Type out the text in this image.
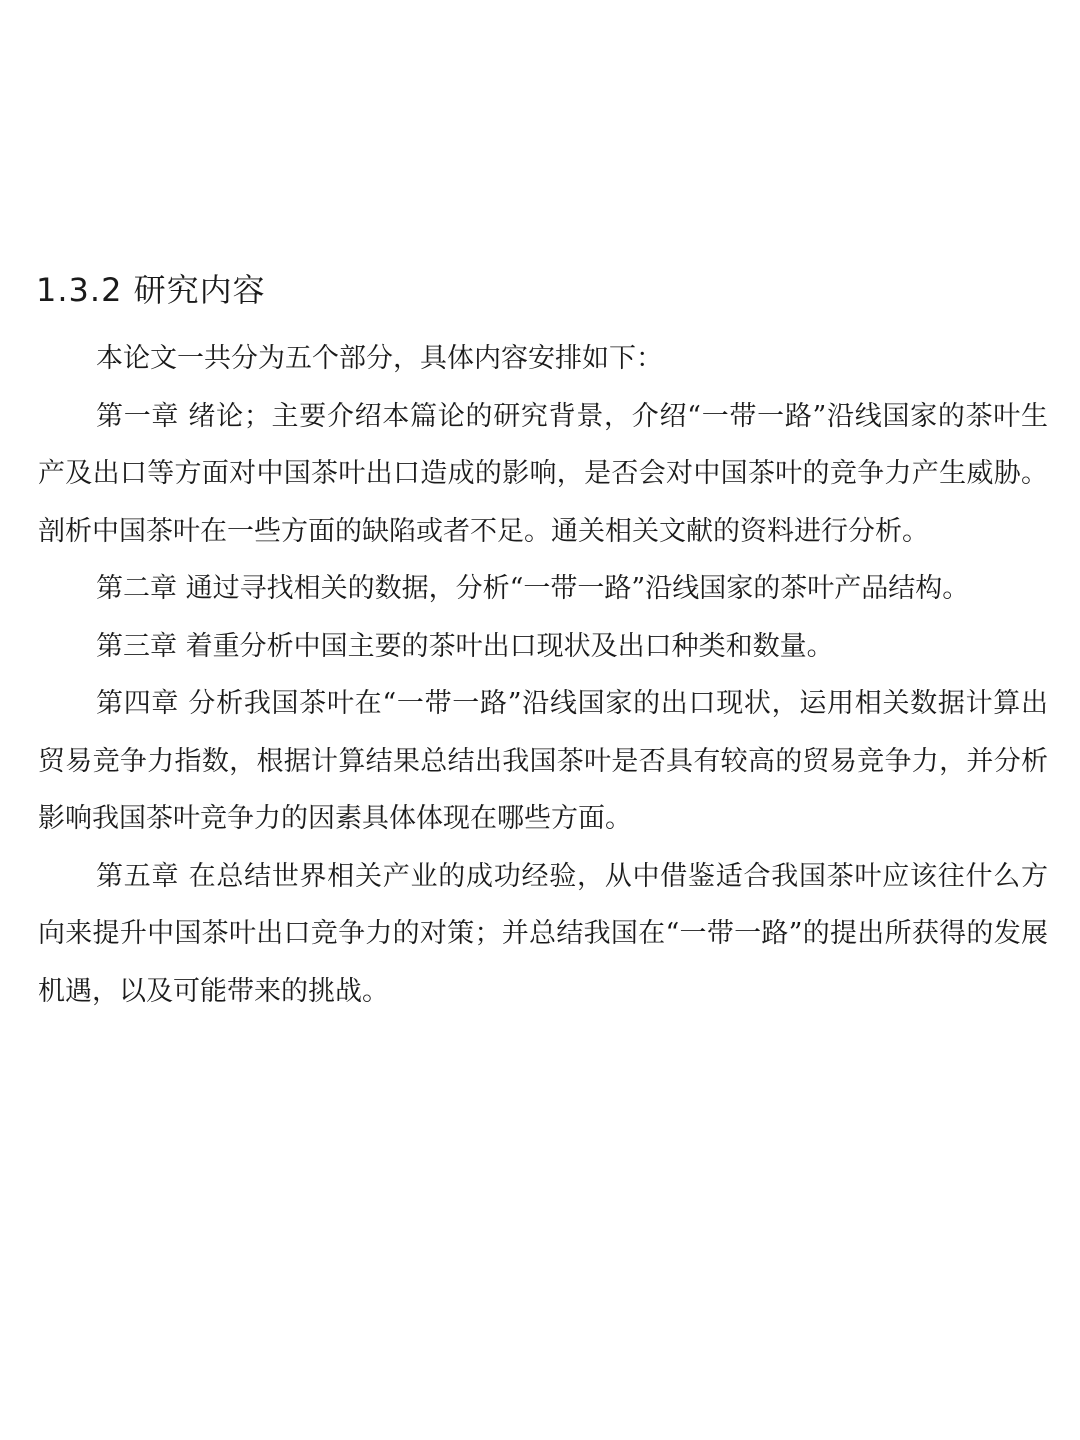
1.3.2 研究内容

本论文一共分为五个部分，具体内容安排如下：

第一章 绪论；主要介绍本篇论的研究背景，介绍“一带一路”沿线国家的茶叶生产及出口等方面对中国茶叶出口造成的影响，是否会对中国茶叶的竞争力产生威胁。剖析中国茶叶在一些方面的缺陷或者不足。通关相关文献的资料进行分析。

第二章 通过寻找相关的数据，分析“一带一路”沿线国家的茶叶产品结构。

第三章 着重分析中国主要的茶叶出口现状及出口种类和数量。

第四章 分析我国茶叶在“一带一路”沿线国家的出口现状，运用相关数据计算出贸易竞争力指数，根据计算结果总结出我国茶叶是否具有较高的贸易竞争力，并分析影响我国茶叶竞争力的因素具体体现在哪些方面。

第五章 在总结世界相关产业的成功经验，从中借鉴适合我国茶叶应该往什么方向来提升中国茶叶出口竞争力的对策；并总结我国在“一带一路”的提出所获得的发展机遇，以及可能带来的挑战。
